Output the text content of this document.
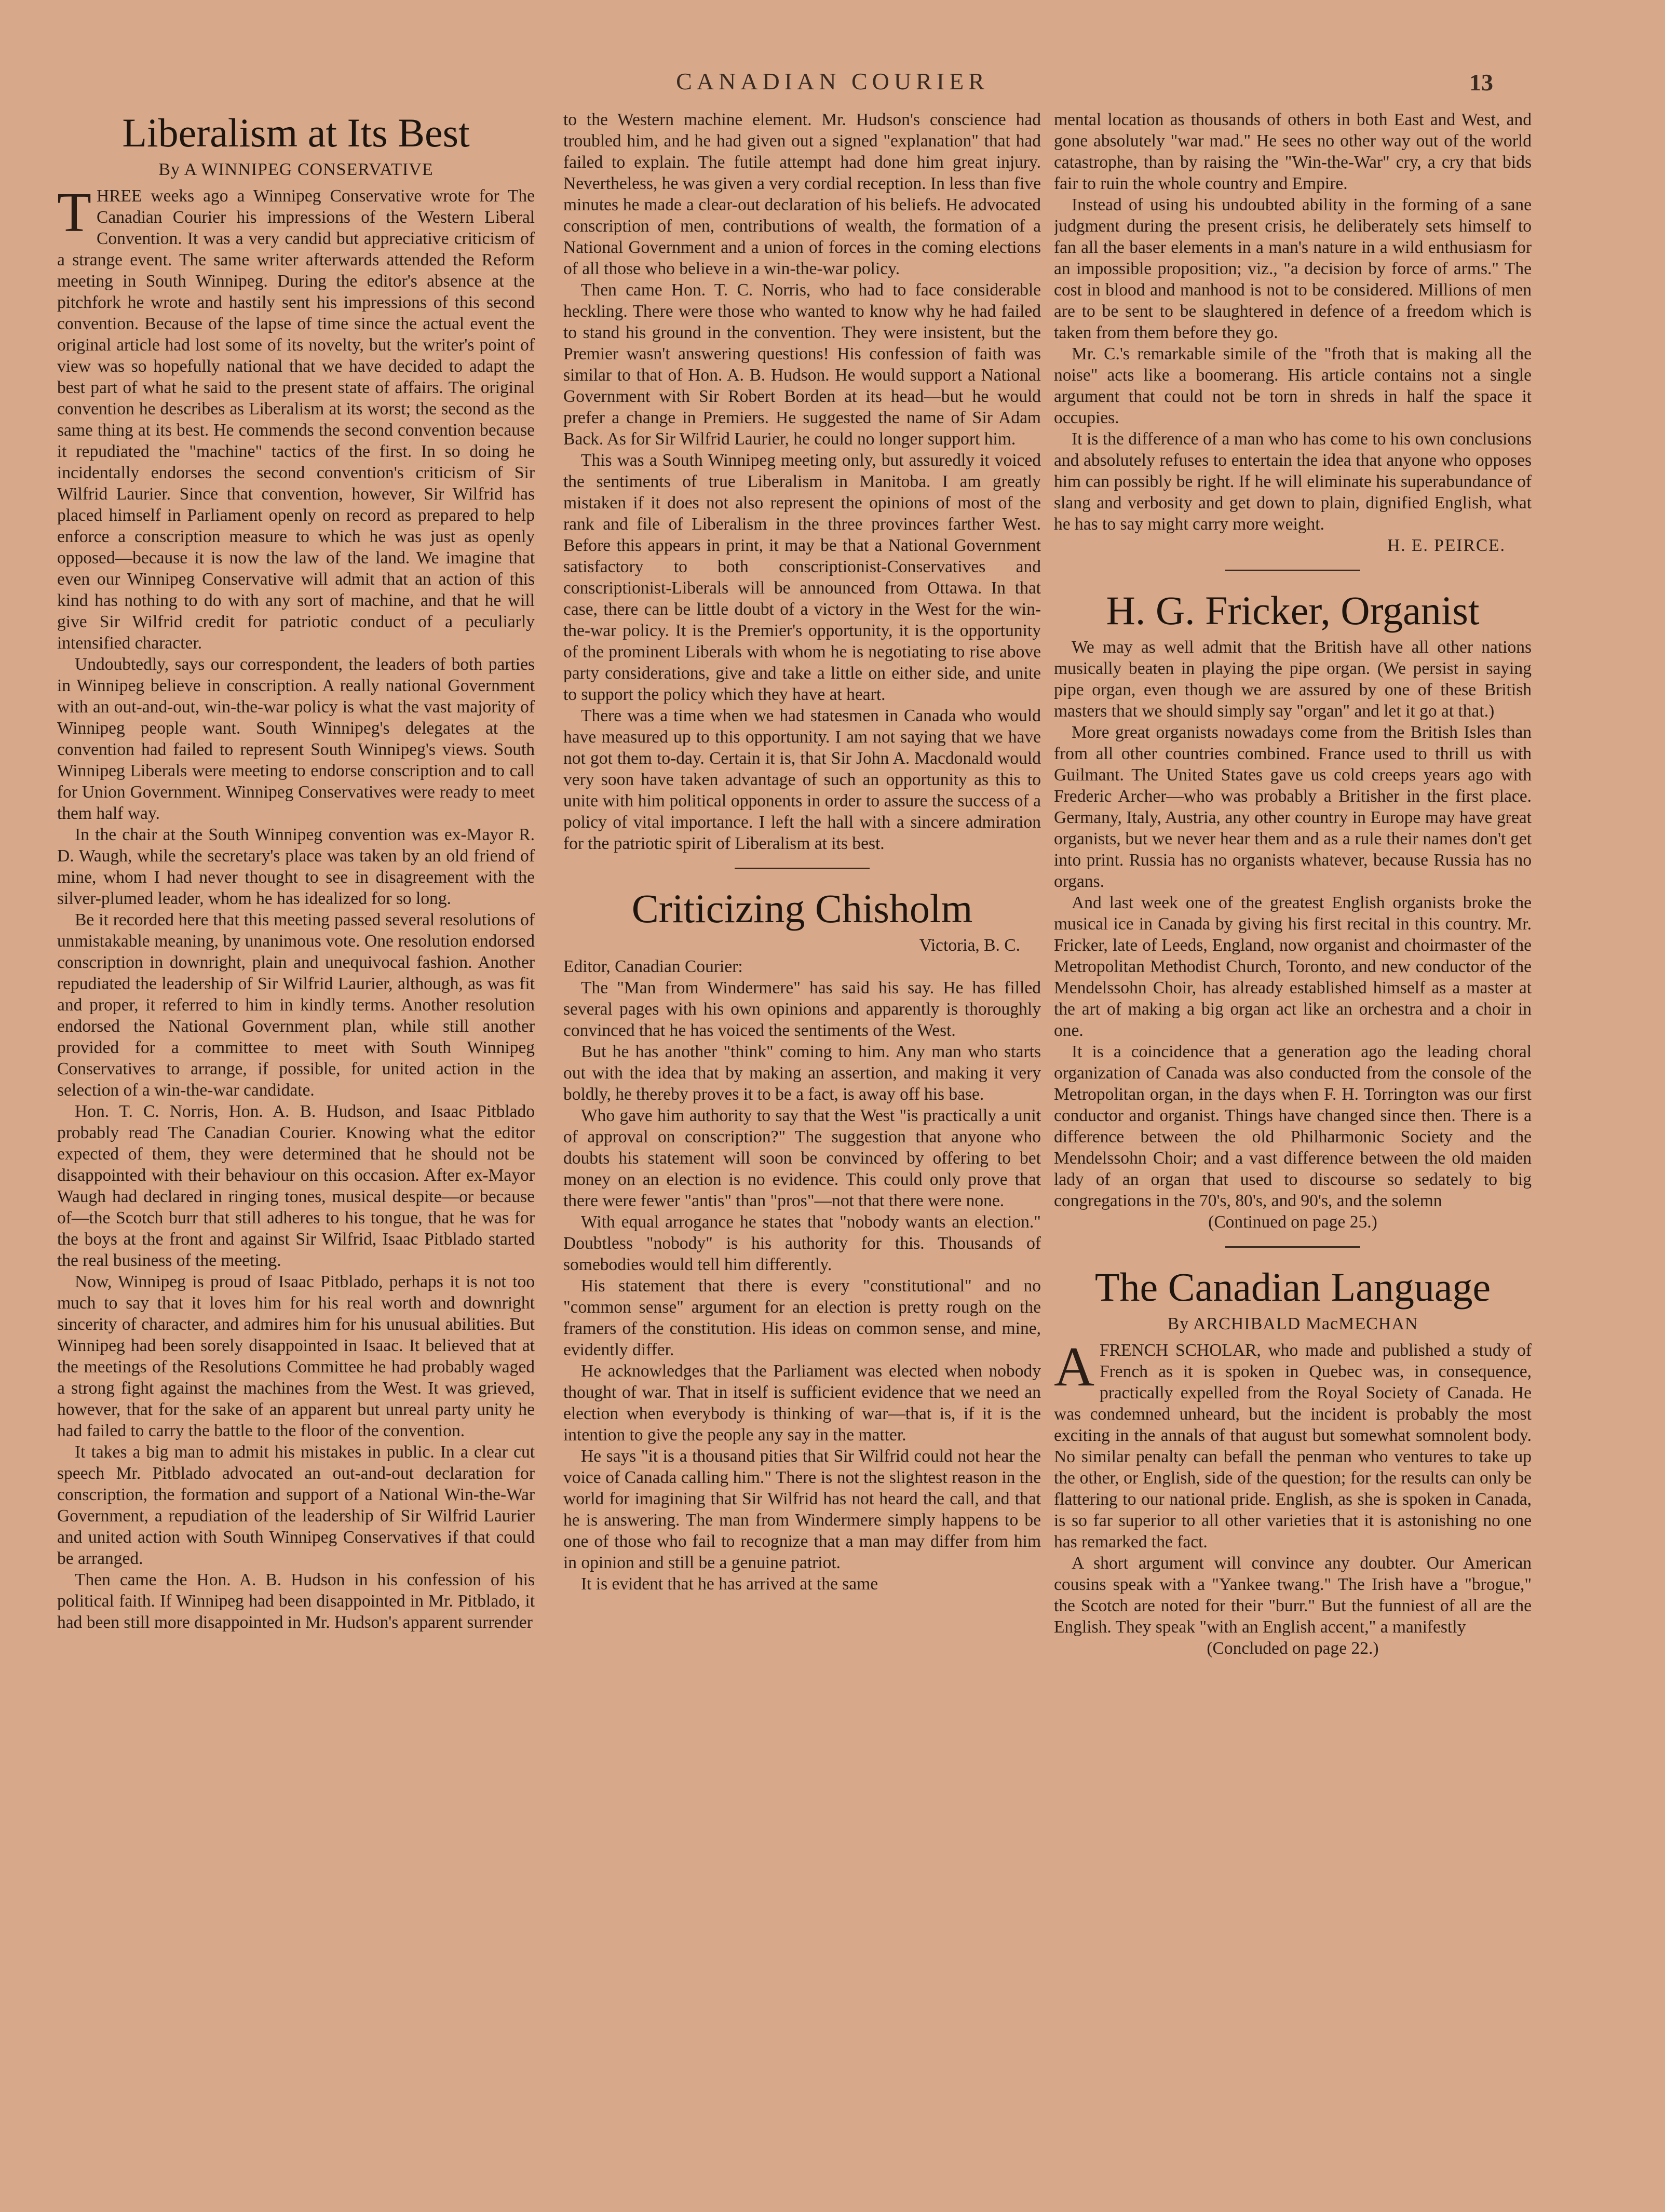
CANADIAN COURIER	13
Liberalism at Its Best
By A WINNIPEG CONSERVATIVE

THREE weeks ago a Winnipeg Conservative wrote for The Canadian Courier his impressions of the Western Liberal Convention. It was a very candid but appreciative criticism of a strange event. The same writer afterwards attended the Reform meeting in South Winnipeg. During the editor's absence at the pitchfork he wrote and hastily sent his impressions of this second convention. Because of the lapse of time since the actual event the original article had lost some of its novelty, but the writer's point of view was so hopefully national that we have decided to adapt the best part of what he said to the present state of affairs. The original convention he describes as Liberalism at its worst; the second as the same thing at its best. He commends the second convention because it repudiated the "machine" tactics of the first. In so doing he incidentally endorses the second convention's criticism of Sir Wilfrid Laurier. Since that convention, however, Sir Wilfrid has placed himself in Parliament openly on record as prepared to help enforce a conscription measure to which he was just as openly opposed—because it is now the law of the land. We imagine that even our Winnipeg Conservative will admit that an action of this kind has nothing to do with any sort of machine, and that he will give Sir Wilfrid credit for patriotic conduct of a peculiarly intensified character.

Undoubtedly, says our correspondent, the leaders of both parties in Winnipeg believe in conscription. A really national Government with an out-and-out, win-the-war policy is what the vast majority of Winnipeg people want. South Winnipeg's delegates at the convention had failed to represent South Winnipeg's views. South Winnipeg Liberals were meeting to endorse conscription and to call for Union Government. Winnipeg Conservatives were ready to meet them half way.

In the chair at the South Winnipeg convention was ex-Mayor R. D. Waugh, while the secretary's place was taken by an old friend of mine, whom I had never thought to see in disagreement with the silver-plumed leader, whom he has idealized for so long.

Be it recorded here that this meeting passed several resolutions of unmistakable meaning, by unanimous vote. One resolution endorsed conscription in downright, plain and unequivocal fashion. Another repudiated the leadership of Sir Wilfrid Laurier, although, as was fit and proper, it referred to him in kindly terms. Another resolution endorsed the National Government plan, while still another provided for a committee to meet with South Winnipeg Conservatives to arrange, if possible, for united action in the selection of a win-the-war candidate.

Hon. T. C. Norris, Hon. A. B. Hudson, and Isaac Pitblado probably read The Canadian Courier. Knowing what the editor expected of them, they were determined that he should not be disappointed with their behaviour on this occasion. After ex-Mayor Waugh had declared in ringing tones, musical despite—or because of—the Scotch burr that still adheres to his tongue, that he was for the boys at the front and against Sir Wilfrid, Isaac Pitblado started the real business of the meeting.

Now, Winnipeg is proud of Isaac Pitblado, perhaps it is not too much to say that it loves him for his real worth and downright sincerity of character, and admires him for his unusual abilities. But Winnipeg had been sorely disappointed in Isaac. It believed that at the meetings of the Resolutions Committee he had probably waged a strong fight against the machines from the West. It was grieved, however, that for the sake of an apparent but unreal party unity he had failed to carry the battle to the floor of the convention.

It takes a big man to admit his mistakes in public. In a clear cut speech Mr. Pitblado advocated an out-and-out declaration for conscription, the formation and support of a National Win-the-War Government, a repudiation of the leadership of Sir Wilfrid Laurier and united action with South Winnipeg Conservatives if that could be arranged.

Then came the Hon. A. B. Hudson in his confession of his political faith. If Winnipeg had been disappointed in Mr. Pitblado, it had been still more disappointed in Mr. Hudson's apparent surrender

to the Western machine element. Mr. Hudson's conscience had troubled him, and he had given out a signed "explanation" that had failed to explain. The futile attempt had done him great injury. Nevertheless, he was given a very cordial reception. In less than five minutes he made a clear-out declaration of his beliefs. He advocated conscription of men, contributions of wealth, the formation of a National Government and a union of forces in the coming elections of all those who believe in a win-the-war policy.

Then came Hon. T. C. Norris, who had to face considerable heckling. There were those who wanted to know why he had failed to stand his ground in the convention. They were insistent, but the Premier wasn't answering questions! His confession of faith was similar to that of Hon. A. B. Hudson. He would support a National Government with Sir Robert Borden at its head—but he would prefer a change in Premiers. He suggested the name of Sir Adam Back. As for Sir Wilfrid Laurier, he could no longer support him.

This was a South Winnipeg meeting only, but assuredly it voiced the sentiments of true Liberalism in Manitoba. I am greatly mistaken if it does not also represent the opinions of most of the rank and file of Liberalism in the three provinces farther West. Before this appears in print, it may be that a National Government satisfactory to both conscriptionist-Conservatives and conscriptionist-Liberals will be announced from Ottawa. In that case, there can be little doubt of a victory in the West for the win-the-war policy. It is the Premier's opportunity, it is the opportunity of the prominent Liberals with whom he is negotiating to rise above party considerations, give and take a little on either side, and unite to support the policy which they have at heart.

There was a time when we had statesmen in Canada who would have measured up to this opportunity. I am not saying that we have not got them to-day. Certain it is, that Sir John A. Macdonald would very soon have taken advantage of such an opportunity as this to unite with him political opponents in order to assure the success of a policy of vital importance. I left the hall with a sincere admiration for the patriotic spirit of Liberalism at its best.

Criticizing Chisholm

Victoria, B. C.

Editor, Canadian Courier:

The "Man from Windermere" has said his say. He has filled several pages with his own opinions and apparently is thoroughly convinced that he has voiced the sentiments of the West.

But he has another "think" coming to him. Any man who starts out with the idea that by making an assertion, and making it very boldly, he thereby proves it to be a fact, is away off his base.

Who gave him authority to say that the West "is practically a unit of approval on conscription?" The suggestion that anyone who doubts his statement will soon be convinced by offering to bet money on an election is no evidence. This could only prove that there were fewer "antis" than "pros"—not that there were none.

With equal arrogance he states that "nobody wants an election." Doubtless "nobody" is his authority for this. Thousands of somebodies would tell him differently.

His statement that there is every "constitutional" and no "common sense" argument for an election is pretty rough on the framers of the constitution. His ideas on common sense, and mine, evidently differ.

He acknowledges that the Parliament was elected when nobody thought of war. That in itself is sufficient evidence that we need an election when everybody is thinking of war—that is, if it is the intention to give the people any say in the matter.

He says "it is a thousand pities that Sir Wilfrid could not hear the voice of Canada calling him." There is not the slightest reason in the world for imagining that Sir Wilfrid has not heard the call, and that he is answering. The man from Windermere simply happens to be one of those who fail to recognize that a man may differ from him in opinion and still be a genuine patriot.

It is evident that he has arrived at the same

mental location as thousands of others in both East and West, and gone absolutely "war mad." He sees no other way out of the world catastrophe, than by raising the "Win-the-War" cry, a cry that bids fair to ruin the whole country and Empire.

Instead of using his undoubted ability in the forming of a sane judgment during the present crisis, he deliberately sets himself to fan all the baser elements in a man's nature in a wild enthusiasm for an impossible proposition; viz., "a decision by force of arms." The cost in blood and manhood is not to be considered. Millions of men are to be sent to be slaughtered in defence of a freedom which is taken from them before they go.

Mr. C.'s remarkable simile of the "froth that is making all the noise" acts like a boomerang. His article contains not a single argument that could not be torn in shreds in half the space it occupies.

It is the difference of a man who has come to his own conclusions and absolutely refuses to entertain the idea that anyone who opposes him can possibly be right. If he will eliminate his superabundance of slang and verbosity and get down to plain, dignified English, what he has to say might carry more weight.

H. E. PEIRCE.

H. G. Fricker, Organist

We may as well admit that the British have all other nations musically beaten in playing the pipe organ. (We persist in saying pipe organ, even though we are assured by one of these British masters that we should simply say "organ" and let it go at that.)

More great organists nowadays come from the British Isles than from all other countries combined. France used to thrill us with Guilmant. The United States gave us cold creeps years ago with Frederic Archer—who was probably a Britisher in the first place. Germany, Italy, Austria, any other country in Europe may have great organists, but we never hear them and as a rule their names don't get into print. Russia has no organists whatever, because Russia has no organs.

And last week one of the greatest English organists broke the musical ice in Canada by giving his first recital in this country. Mr. Fricker, late of Leeds, England, now organist and choirmaster of the Metropolitan Methodist Church, Toronto, and new conductor of the Mendelssohn Choir, has already established himself as a master at the art of making a big organ act like an orchestra and a choir in one.

It is a coincidence that a generation ago the leading choral organization of Canada was also conducted from the console of the Metropolitan organ, in the days when F. H. Torrington was our first conductor and organist. Things have changed since then. There is a difference between the old Philharmonic Society and the Mendelssohn Choir; and a vast difference between the old maiden lady of an organ that used to discourse so sedately to big congregations in the 70's, 80's, and 90's, and the solemn

(Continued on page 25.)

The Canadian Language
By ARCHIBALD MacMECHAN

AFRENCH SCHOLAR, who made and published a study of French as it is spoken in Quebec was, in consequence, practically expelled from the Royal Society of Canada. He was condemned unheard, but the incident is probably the most exciting in the annals of that august but somewhat somnolent body. No similar penalty can befall the penman who ventures to take up the other, or English, side of the question; for the results can only be flattering to our national pride. English, as she is spoken in Canada, is so far superior to all other varieties that it is astonishing no one has remarked the fact.

A short argument will convince any doubter. Our American cousins speak with a "Yankee twang." The Irish have a "brogue," the Scotch are noted for their "burr." But the funniest of all are the English. They speak "with an English accent," a manifestly

(Concluded on page 22.)
